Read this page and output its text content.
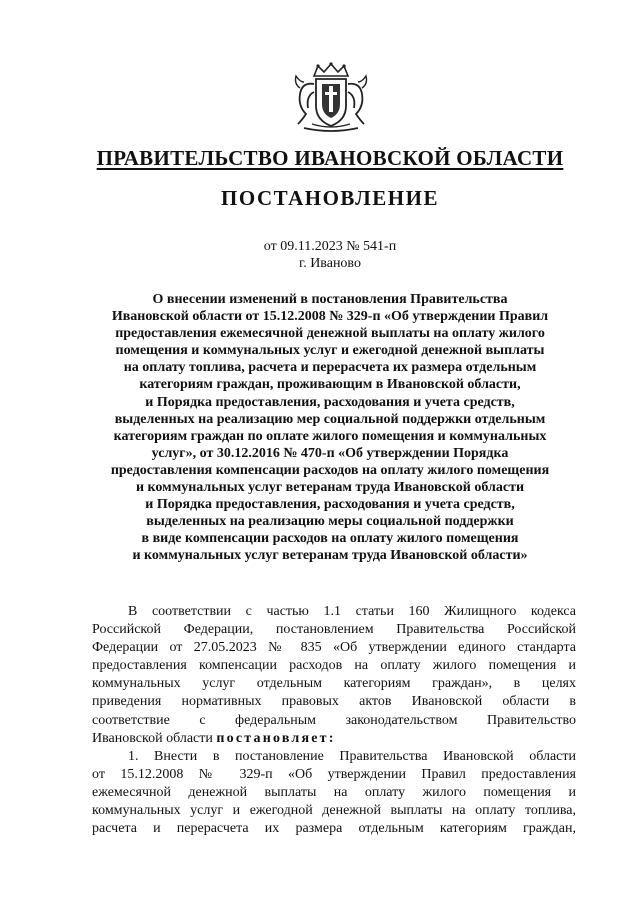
ПРАВИТЕЛЬСТВО ИВАНОВСКОЙ ОБЛАСТИ
ПОСТАНОВЛЕНИЕ
от 09.11.2023 № 541-п
г. Иваново
О внесении изменений в постановления Правительства
Ивановской области от 15.12.2008 № 329-п «Об утверждении Правил
предоставления ежемесячной денежной выплаты на оплату жилого
помещения и коммунальных услуг и ежегодной денежной выплаты
на оплату топлива, расчета и перерасчета их размера отдельным
категориям граждан, проживающим в Ивановской области,
и Порядка предоставления, расходования и учета средств,
выделенных на реализацию мер социальной поддержки отдельным
категориям граждан по оплате жилого помещения и коммунальных
услуг», от 30.12.2016 № 470-п «Об утверждении Порядка
предоставления компенсации расходов на оплату жилого помещения
и коммунальных услуг ветеранам труда Ивановской области
и Порядка предоставления, расходования и учета средств,
выделенных на реализацию меры социальной поддержки
в виде компенсации расходов на оплату жилого помещения
и коммунальных услуг ветеранам труда Ивановской области»
В соответствии с частью 1.1 статьи 160 Жилищного кодекса
Российской Федерации, постановлением Правительства Российской
Федерации от 27.05.2023 № 835 «Об утверждении единого стандарта
предоставления компенсации расходов на оплату жилого помещения и
коммунальных услуг отдельным категориям граждан», в целях
приведения нормативных правовых актов Ивановской области в
соответствие с федеральным законодательством Правительство
Ивановской области постановляет:
1. Внести в постановление Правительства Ивановской области
от 15.12.2008 № 329-п «Об утверждении Правил предоставления
ежемесячной денежной выплаты на оплату жилого помещения и
коммунальных услуг и ежегодной денежной выплаты на оплату топлива,
расчета и перерасчета их размера отдельным категориям граждан,
